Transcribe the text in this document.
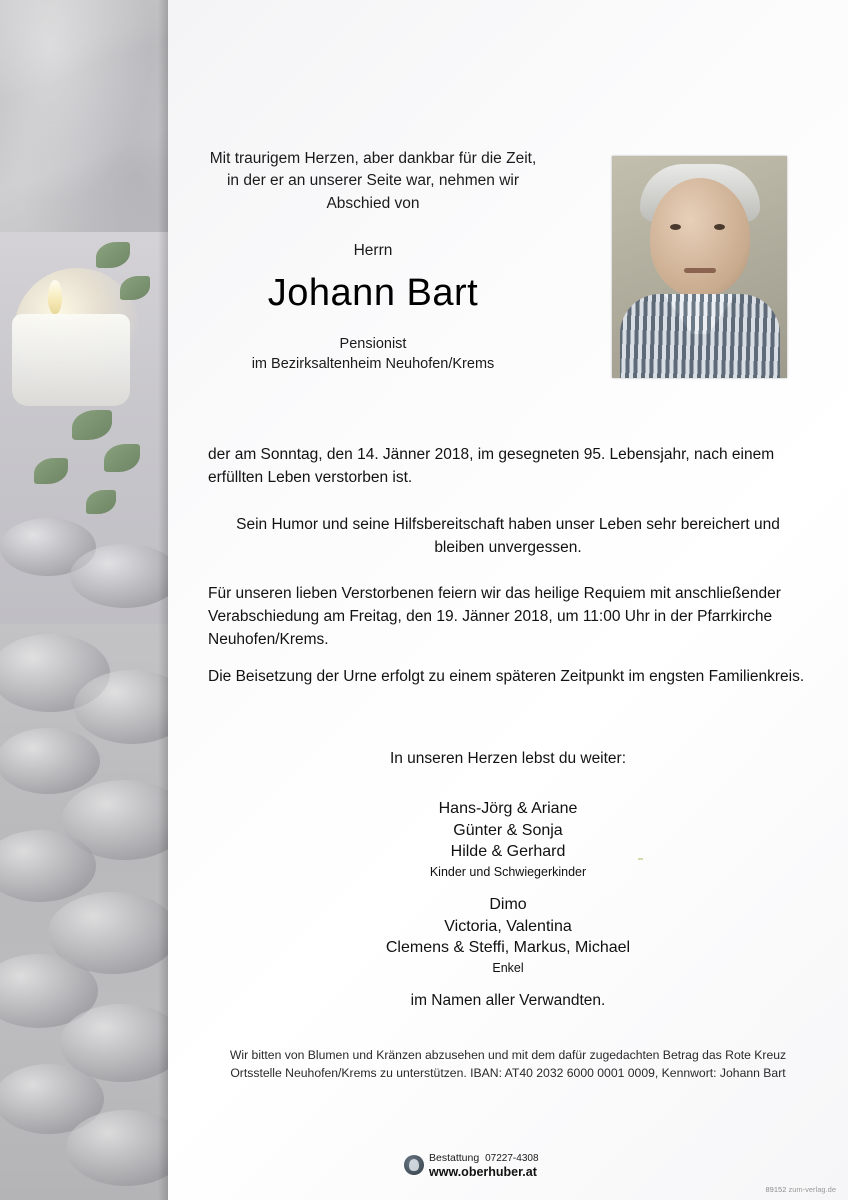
Mit traurigem Herzen, aber dankbar für die Zeit, in der er an unserer Seite war, nehmen wir Abschied von
Herrn
Johann Bart
Pensionist
im Bezirksaltenheim Neuhofen/Krems
der am Sonntag, den 14. Jänner 2018, im gesegneten 95. Lebensjahr, nach einem erfüllten Leben verstorben ist.
Sein Humor und seine Hilfsbereitschaft haben unser Leben sehr bereichert und bleiben unvergessen.
Für unseren lieben Verstorbenen feiern wir das heilige Requiem mit anschließender Verabschiedung am Freitag, den 19. Jänner 2018, um 11:00 Uhr in der Pfarrkirche Neuhofen/Krems.
Die Beisetzung der Urne erfolgt zu einem späteren Zeitpunkt im engsten Familienkreis.
In unseren Herzen lebst du weiter:
Hans-Jörg & Ariane
Günter & Sonja
Hilde & Gerhard
Kinder und Schwiegerkinder
Dimo
Victoria, Valentina
Clemens & Steffi, Markus, Michael
Enkel
im Namen aller Verwandten.
Wir bitten von Blumen und Kränzen abzusehen und mit dem dafür zugedachten Betrag das Rote Kreuz Ortsstelle Neuhofen/Krems zu unterstützen. IBAN: AT40 2032 6000 0001 0009, Kennwort: Johann Bart
Bestattung 07227-4308
www.oberhuber.at
89152 zum-verlag.de
